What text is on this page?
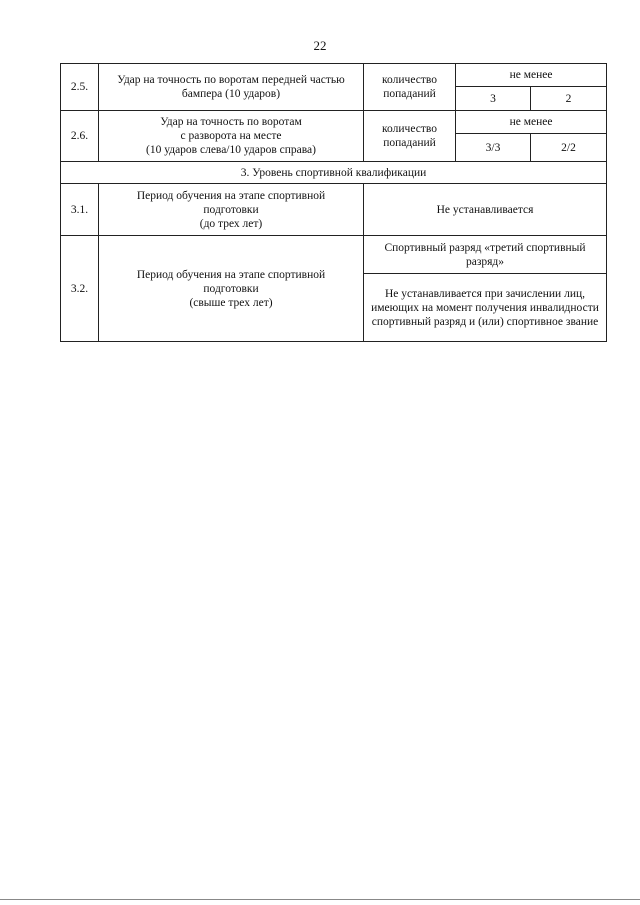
22
2.5.	Удар на точность по воротам передней частью бампера (10 ударов)	количество попаданий	не менее	
			3	2
2.6.	Удар на точность по воротам
с разворота на месте
(10 ударов слева/10 ударов справа)	количество попаданий	не менее	
			3/3	2/2
3. Уровень спортивной квалификации				
3.1.	Период обучения на этапе спортивной
подготовки
(до трех лет)	Не устанавливается		
3.2.	Период обучения на этапе спортивной
подготовки
(свыше трех лет)	Спортивный разряд «третий спортивный разряд»		
		Не устанавливается при зачислении лиц, имеющих на момент получения инвалидности спортивный разряд и (или) спортивное звание		
